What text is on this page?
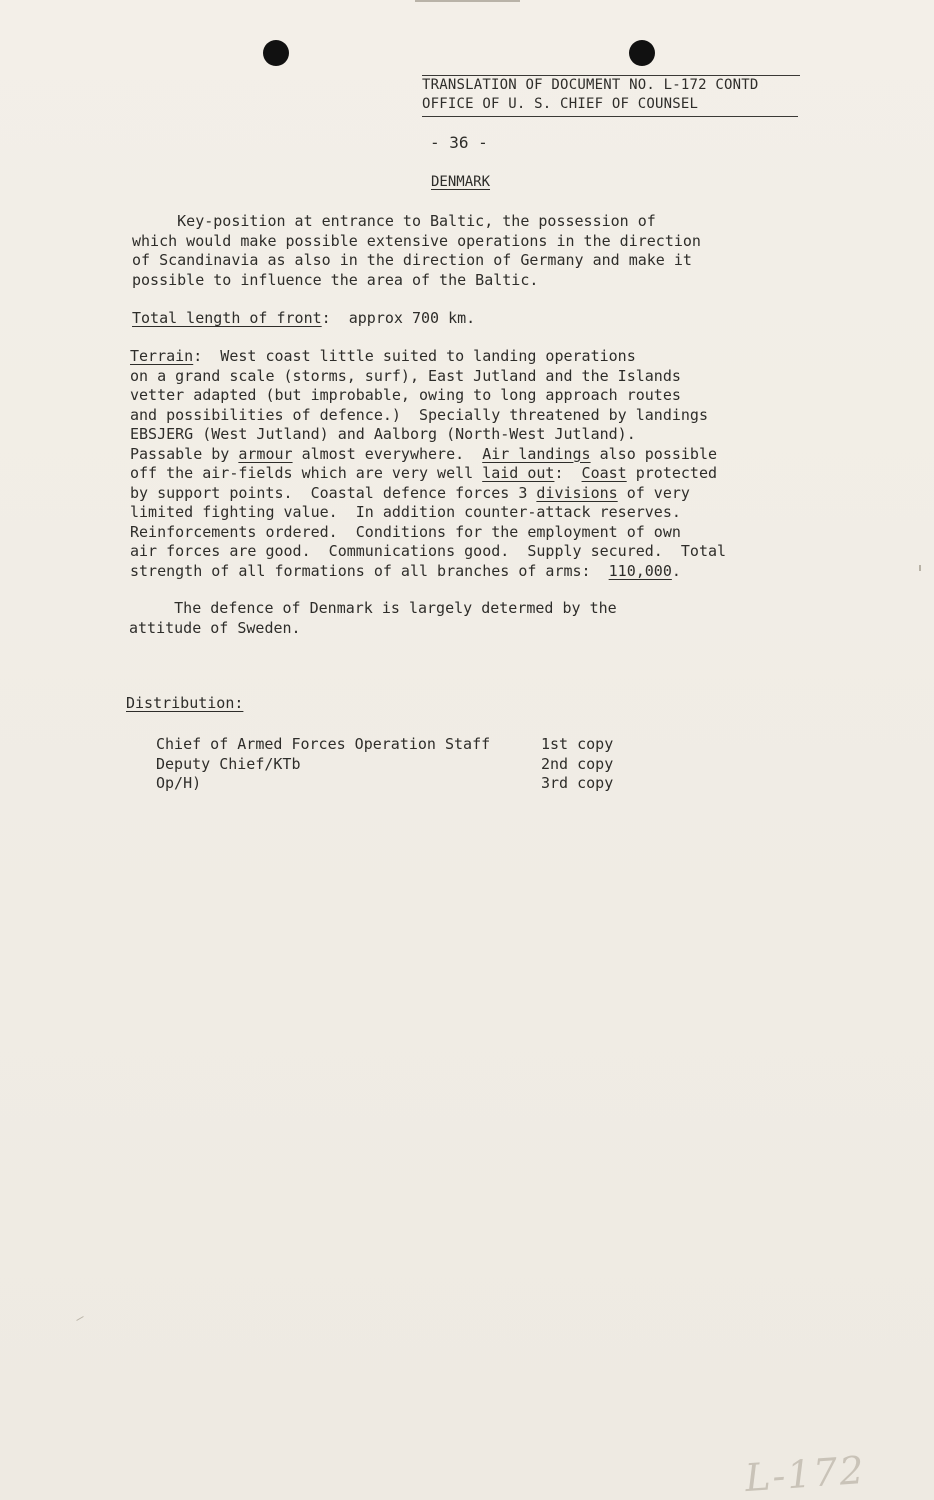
TRANSLATION OF DOCUMENT NO. L-172 CONTD
OFFICE OF U. S. CHIEF OF COUNSEL
- 36 -
DENMARK
Key-position at entrance to Baltic, the possession of
which would make possible extensive operations in the direction
of Scandinavia as also in the direction of Germany and make it
possible to influence the area of the Baltic.
Total length of front:  approx 700 km.
Terrain:  West coast little suited to landing operations
on a grand scale (storms, surf), East Jutland and the Islands
vetter adapted (but improbable, owing to long approach routes
and possibilities of defence.)  Specially threatened by landings
EBSJERG (West Jutland) and Aalborg (North-West Jutland).
Passable by armour almost everywhere.  Air landings also possible
off the air-fields which are very well laid out:  Coast protected
by support points.  Coastal defence forces 3 divisions of very
limited fighting value.  In addition counter-attack reserves.
Reinforcements ordered.  Conditions for the employment of own
air forces are good.  Communications good.  Supply secured.  Total
strength of all formations of all branches of arms:  110,000.
The defence of Denmark is largely determed by the
attitude of Sweden.
Distribution:
Chief of Armed Forces Operation Staff	1st copy
Deputy Chief/KTb	2nd copy
Op/H)	3rd copy
L-172
